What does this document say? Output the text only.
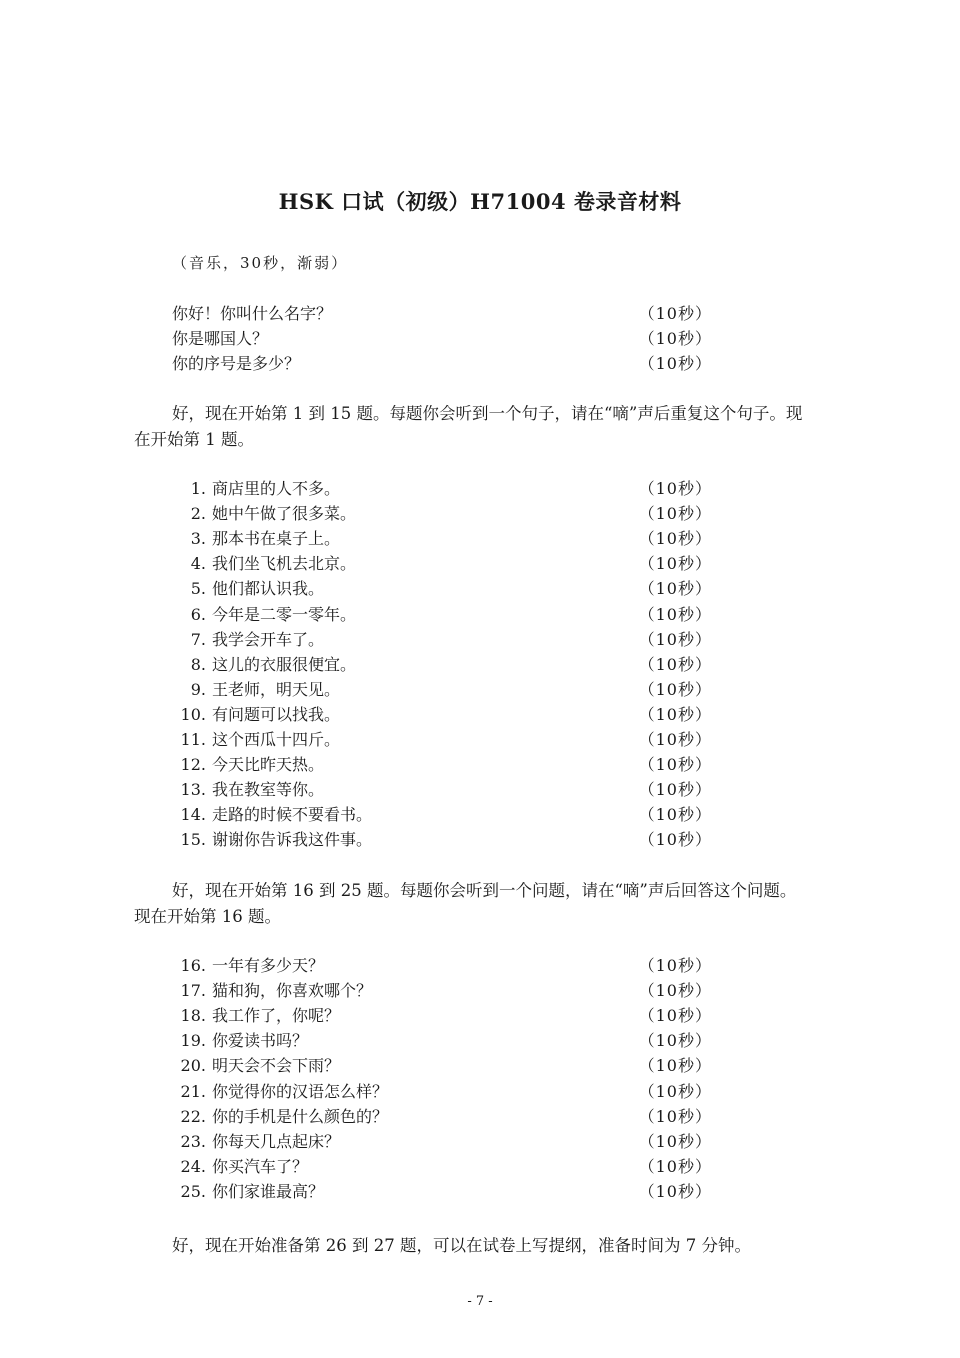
HSK 口试（初级）H71004 卷录音材料
（音乐，30秒，渐弱）
你好！你叫什么名字？	（10秒）
你是哪国人？	（10秒）
你的序号是多少？	（10秒）
好，现在开始第 1 到 15 题。每题你会听到一个句子，请在“嘀”声后重复这个句子。现在开始第 1 题。
1. 商店里的人不多。	（10秒）
2. 她中午做了很多菜。	（10秒）
3. 那本书在桌子上。	（10秒）
4. 我们坐飞机去北京。	（10秒）
5. 他们都认识我。	（10秒）
6. 今年是二零一零年。	（10秒）
7. 我学会开车了。	（10秒）
8. 这儿的衣服很便宜。	（10秒）
9. 王老师，明天见。	（10秒）
10. 有问题可以找我。	（10秒）
11. 这个西瓜十四斤。	（10秒）
12. 今天比昨天热。	（10秒）
13. 我在教室等你。	（10秒）
14. 走路的时候不要看书。	（10秒）
15. 谢谢你告诉我这件事。	（10秒）
好，现在开始第 16 到 25 题。每题你会听到一个问题，请在“嘀”声后回答这个问题。现在开始第 16 题。
16. 一年有多少天？	（10秒）
17. 猫和狗，你喜欢哪个？	（10秒）
18. 我工作了，你呢？	（10秒）
19. 你爱读书吗？	（10秒）
20. 明天会不会下雨？	（10秒）
21. 你觉得你的汉语怎么样？	（10秒）
22. 你的手机是什么颜色的？	（10秒）
23. 你每天几点起床？	（10秒）
24. 你买汽车了？	（10秒）
25. 你们家谁最高？	（10秒）
好，现在开始准备第 26 到 27 题，可以在试卷上写提纲，准备时间为 7 分钟。
- 7 -
